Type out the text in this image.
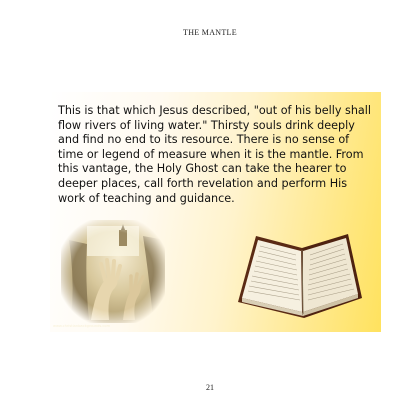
THE MANTLE

This is that which Jesus described, "out of his belly shall flow rivers of living water." Thirsty souls drink deeply and find no end to its resource. There is no sense of time or legend of measure when it is the mantle. From this vantage, the Holy Ghost can take the hearer to deeper places, call forth revelation and perform His work of teaching and guidance.

www.christianbackgrounds.com
21
